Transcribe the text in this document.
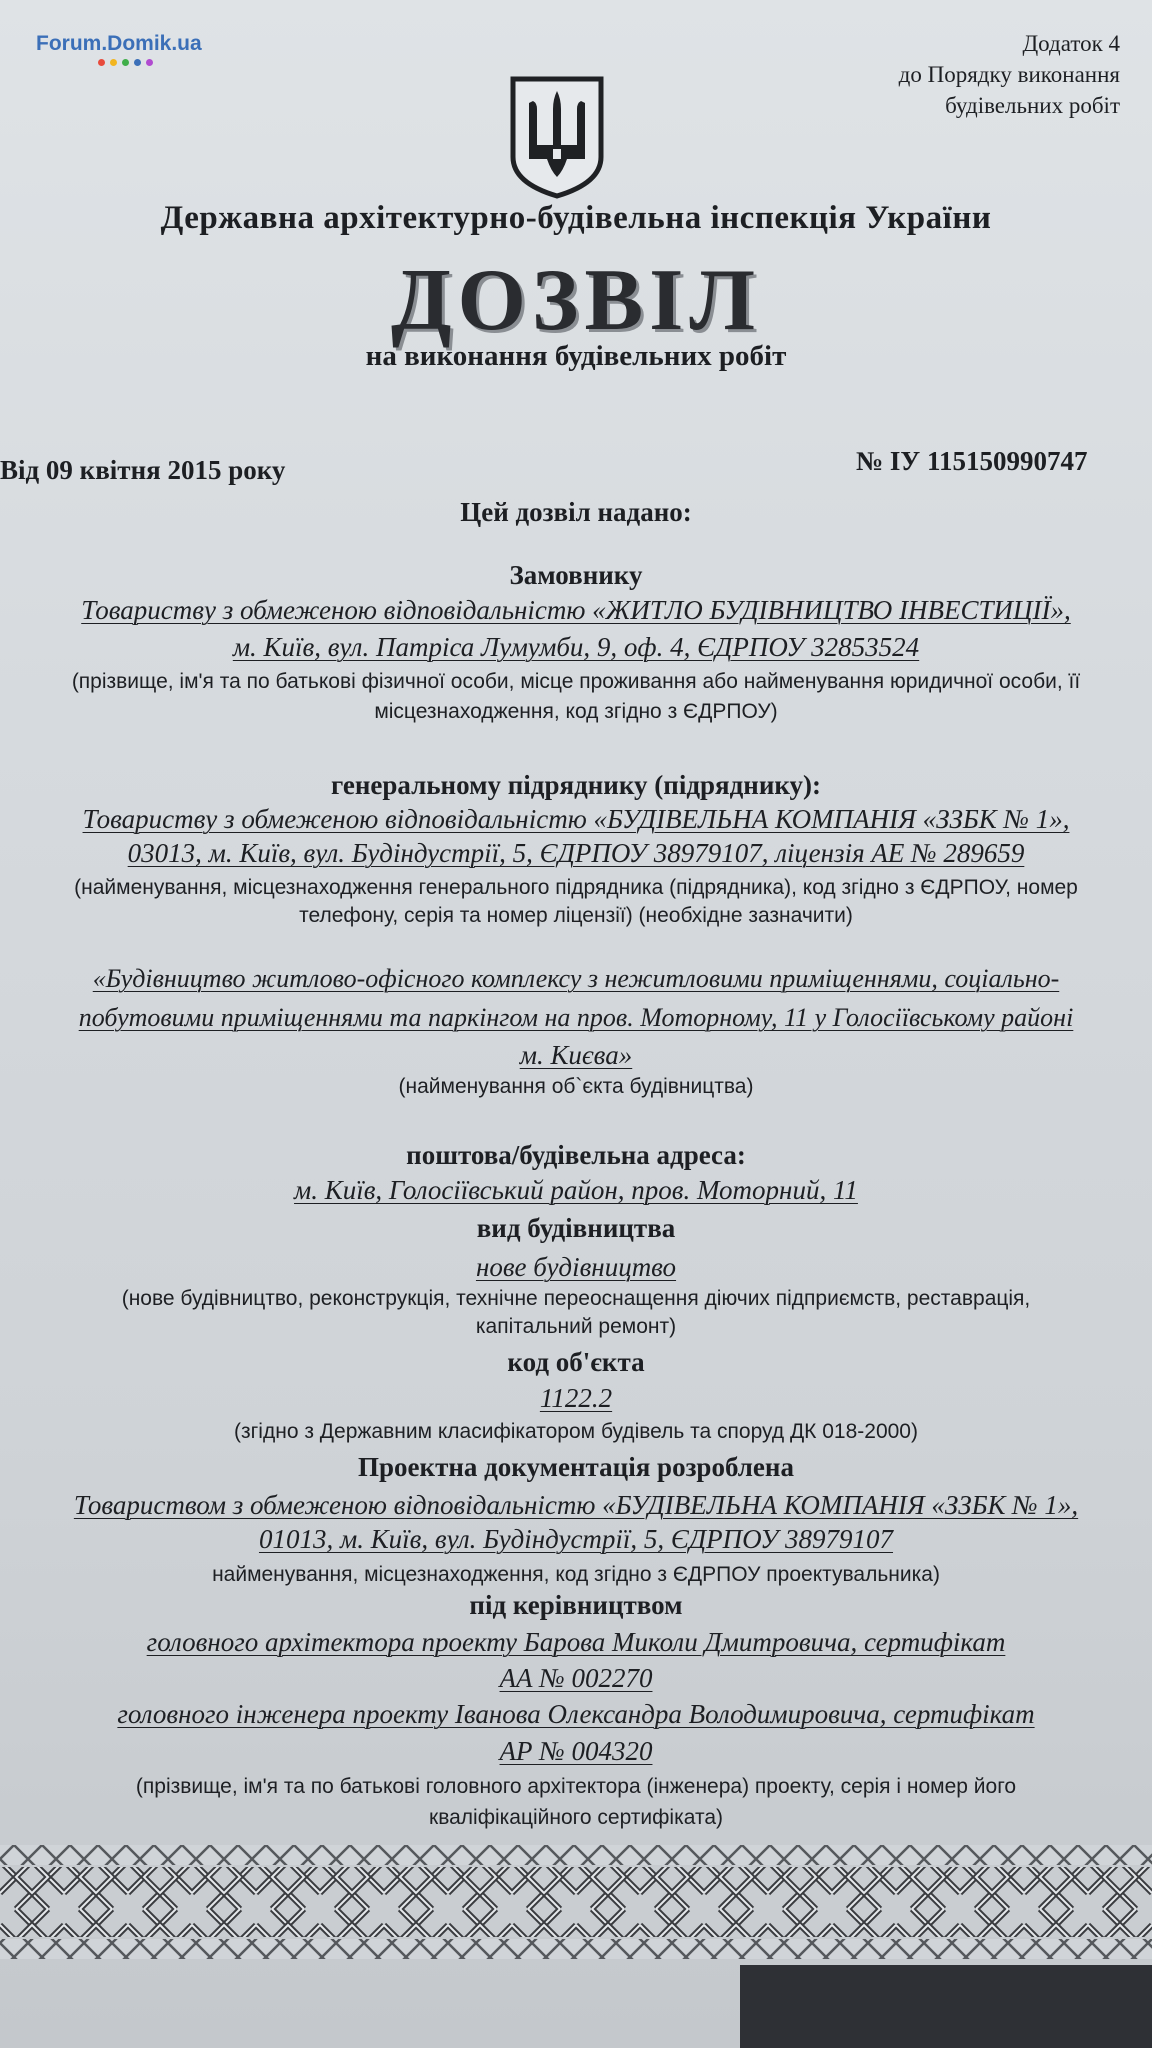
Forum.Domik.ua	Додаток 4
до Порядку виконання
будівельних робіт
Державна архітектурно-будівельна інспекція України
ДОЗВІЛ
на виконання будівельних робіт
Від 09 квітня 2015 року	№ ІУ 115150990747
Цей дозвіл надано:
Замовнику
Товариству з обмеженою відповідальністю «ЖИТЛО БУДІВНИЦТВО ІНВЕСТИЦІЇ»,
м. Київ, вул. Патріса Лумумби, 9, оф. 4, ЄДРПОУ 32853524
(прізвище, ім'я та по батькові фізичної особи, місце проживання або найменування юридичної особи, її
місцезнаходження, код згідно з ЄДРПОУ)
генеральному підряднику (підряднику):
Товариству з обмеженою відповідальністю «БУДІВЕЛЬНА КОМПАНІЯ «ЗЗБК № 1»,
03013, м. Київ, вул. Будіндустрії, 5, ЄДРПОУ 38979107, ліцензія АЕ № 289659
(найменування, місцезнаходження генерального підрядника (підрядника), код згідно з ЄДРПОУ, номер
телефону, серія та номер ліцензії) (необхідне зазначити)
«Будівництво житлово-офісного комплексу з нежитловими приміщеннями, соціально-
побутовими приміщеннями та паркінгом на пров. Моторному, 11 у Голосіївському районі
м. Києва»
(найменування об`єкта будівництва)
поштова/будівельна адреса:
м. Київ, Голосіївський район, пров. Моторний, 11
вид будівництва
нове будівництво
(нове будівництво, реконструкція, технічне переоснащення діючих підприємств, реставрація,
капітальний ремонт)
код об'єкта
1122.2
(згідно з Державним класифікатором будівель та споруд ДК 018-2000)
Проектна документація розроблена
Товариством з обмеженою відповідальністю «БУДІВЕЛЬНА КОМПАНІЯ «ЗЗБК № 1»,
01013, м. Київ, вул. Будіндустрії, 5, ЄДРПОУ 38979107
найменування, місцезнаходження, код згідно з ЄДРПОУ проектувальника)
під керівництвом
головного архітектора проекту Барова Миколи Дмитровича, сертифікат
АА № 002270
головного інженера проекту Іванова Олександра Володимировича, сертифікат
АР № 004320
(прізвище, ім'я та по батькові головного архітектора (інженера) проекту, серія і номер його
кваліфікаційного сертифіката)
